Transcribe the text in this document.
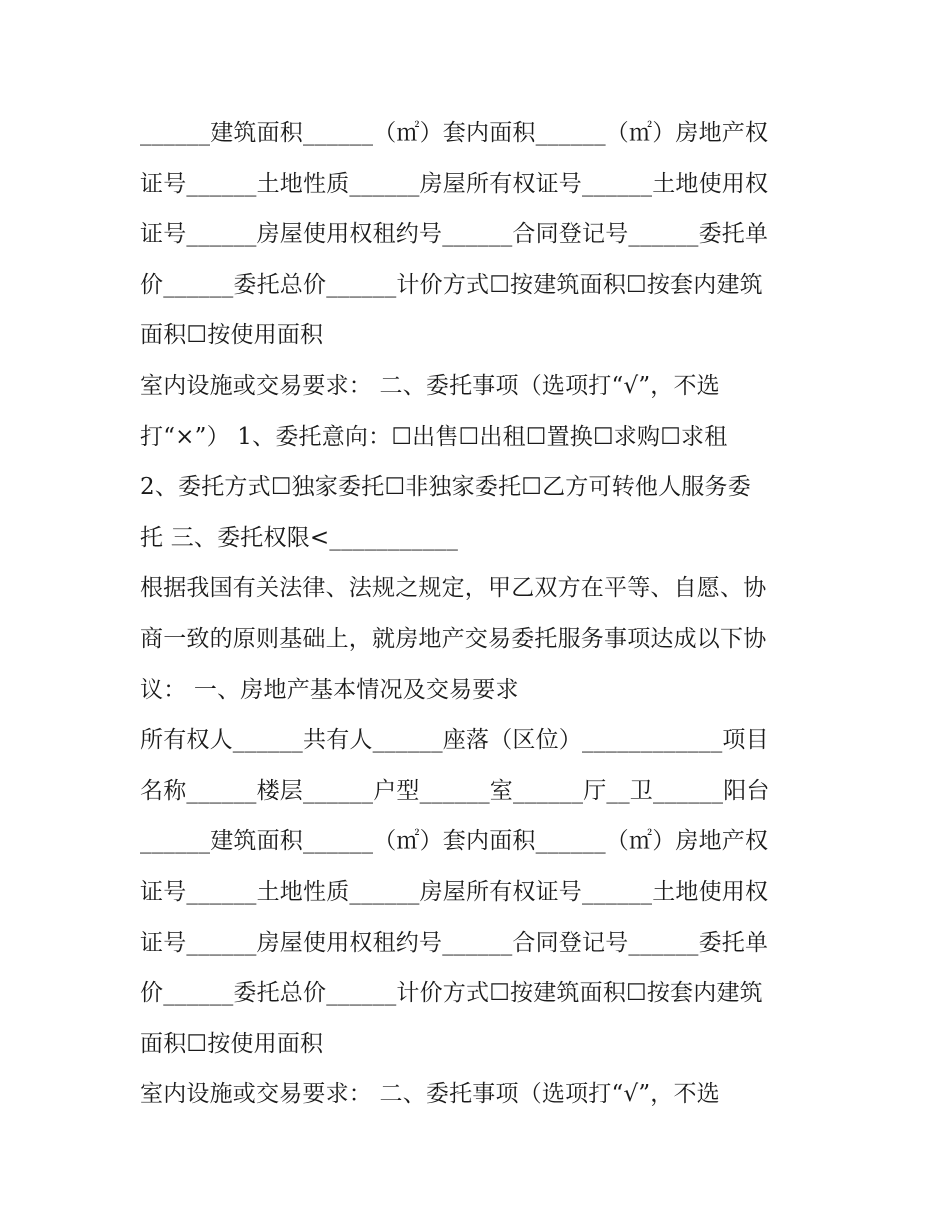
______建筑面积______（㎡）套内面积______（㎡）房地产权
证号______土地性质______房屋所有权证号______土地使用权
证号______房屋使用权租约号______合同登记号______委托单
价______委托总价______计价方式☐按建筑面积☐按套内建筑
面积☐按使用面积
室内设施或交易要求： 二、委托事项（选项打“√”，不选
打“×”） 1、委托意向：☐出售☐出租☐置换☐求购☐求租
2、委托方式☐独家委托☐非独家委托☐乙方可转他人服务委
托 三、委托权限<___________
根据我国有关法律、法规之规定，甲乙双方在平等、自愿、协
商一致的原则基础上，就房地产交易委托服务事项达成以下协
议： 一、房地产基本情况及交易要求
所有权人______共有人______座落（区位）____________项目
名称______楼层______户型______室______厅__卫______阳台
______建筑面积______（㎡）套内面积______（㎡）房地产权
证号______土地性质______房屋所有权证号______土地使用权
证号______房屋使用权租约号______合同登记号______委托单
价______委托总价______计价方式☐按建筑面积☐按套内建筑
面积☐按使用面积
室内设施或交易要求： 二、委托事项（选项打“√”，不选
